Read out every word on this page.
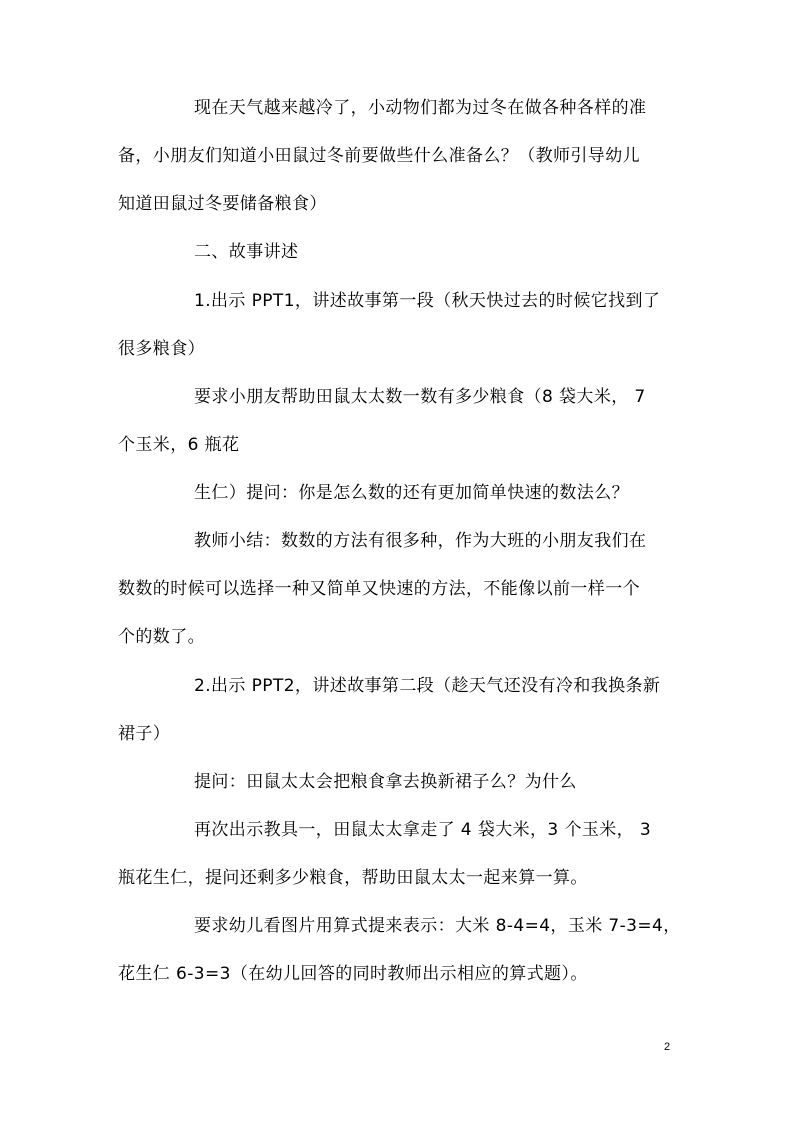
现在天气越来越冷了，小动物们都为过冬在做各种各样的准
备，小朋友们知道小田鼠过冬前要做些什么准备么？（教师引导幼儿
知道田鼠过冬要储备粮食）
二、故事讲述
1.出示 PPT1，讲述故事第一段（秋天快过去的时候它找到了
很多粮食）
要求小朋友帮助田鼠太太数一数有多少粮食（8 袋大米， 7
个玉米，6 瓶花
生仁）提问：你是怎么数的还有更加简单快速的数法么？
教师小结：数数的方法有很多种，作为大班的小朋友我们在
数数的时候可以选择一种又简单又快速的方法，不能像以前一样一个
个的数了。
2.出示 PPT2，讲述故事第二段（趁天气还没有冷和我换条新
裙子）
提问：田鼠太太会把粮食拿去换新裙子么？为什么
再次出示教具一，田鼠太太拿走了 4 袋大米，3 个玉米， 3
瓶花生仁，提问还剩多少粮食，帮助田鼠太太一起来算一算。
要求幼儿看图片用算式提来表示：大米 8-4=4，玉米 7-3=4，
花生仁 6-3=3（在幼儿回答的同时教师出示相应的算式题）。
2
